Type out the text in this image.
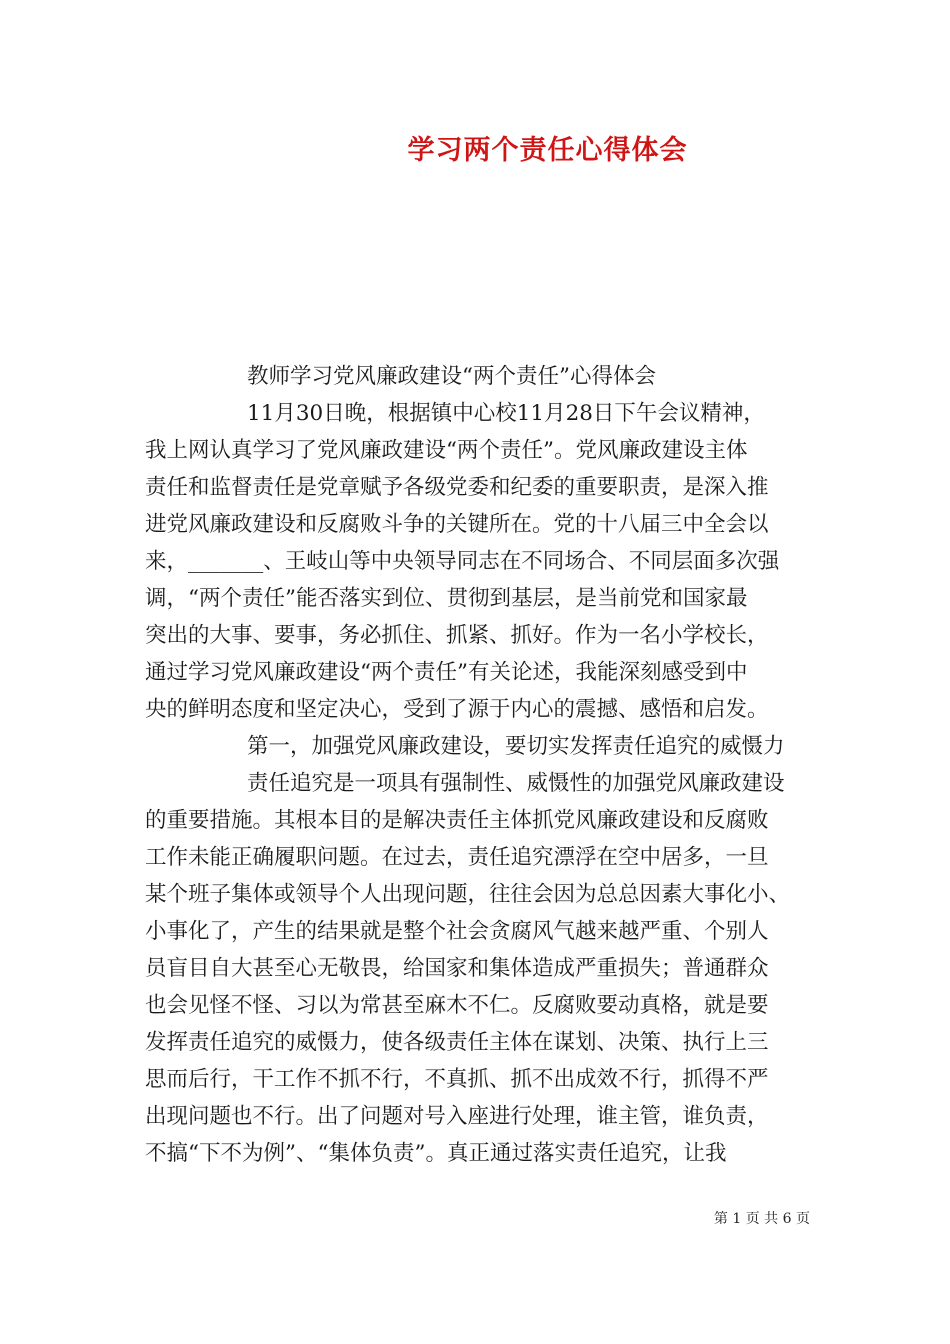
学习两个责任心得体会
教师学习党风廉政建设“两个责任”心得体会
11月30日晚，根据镇中心校11月28日下午会议精神，
我上网认真学习了党风廉政建设“两个责任”。党风廉政建设主体
责任和监督责任是党章赋予各级党委和纪委的重要职责，是深入推
进党风廉政建设和反腐败斗争的关键所在。党的十八届三中全会以
来，_______、王岐山等中央领导同志在不同场合、不同层面多次强
调，“两个责任”能否落实到位、贯彻到基层，是当前党和国家最
突出的大事、要事，务必抓住、抓紧、抓好。作为一名小学校长，
通过学习党风廉政建设“两个责任”有关论述，我能深刻感受到中
央的鲜明态度和坚定决心，受到了源于内心的震撼、感悟和启发。
第一，加强党风廉政建设，要切实发挥责任追究的威慑力
责任追究是一项具有强制性、威慑性的加强党风廉政建设
的重要措施。其根本目的是解决责任主体抓党风廉政建设和反腐败
工作未能正确履职问题。在过去，责任追究漂浮在空中居多，一旦
某个班子集体或领导个人出现问题，往往会因为总总因素大事化小、
小事化了，产生的结果就是整个社会贪腐风气越来越严重、个别人
员盲目自大甚至心无敬畏，给国家和集体造成严重损失；普通群众
也会见怪不怪、习以为常甚至麻木不仁。反腐败要动真格，就是要
发挥责任追究的威慑力，使各级责任主体在谋划、决策、执行上三
思而后行，干工作不抓不行，不真抓、抓不出成效不行，抓得不严
出现问题也不行。出了问题对号入座进行处理，谁主管，谁负责，
不搞“下不为例”、“集体负责”。真正通过落实责任追究，让我
第 1 页 共 6 页
